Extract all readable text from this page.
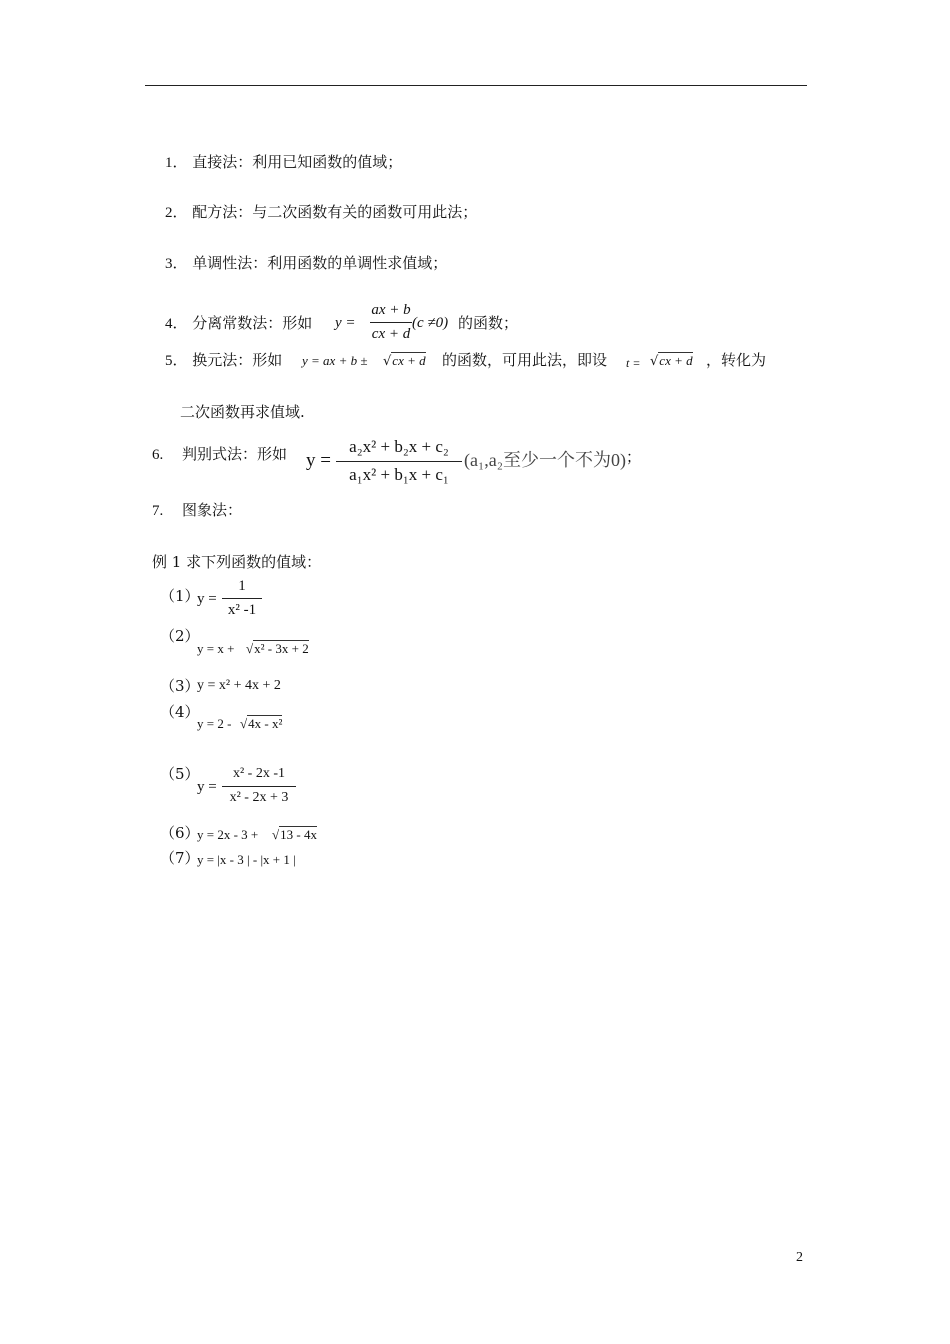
1． 直接法：利用已知函数的值域；
2． 配方法：与二次函数有关的函数可用此法；
3． 单调性法：利用函数的单调性求值域；
4． 分离常数法：形如 y =
ax + b
cx + d
(c ≠0) 的函数；
5． 换元法：形如 y = ax + b ± √cx + d 的函数，可用此法，即设 t = √cx + d ，转化为
二次函数再求值域.
6. 判别式法：形如 y =
a₂x² + b₂x + c₂
a₁x² + b₁x + c₁
(a₁,a₂至少一个不为0) ；
7. 图象法：
例 1 求下列函数的值域：
（1）
y =
1
x² -1
（2）
y = x + √x² - 3x + 2
（3）
y = x² + 4x + 2
（4）
y = 2 - √4x - x²
（5）
y =
x² - 2x -1
x² - 2x + 3
（6）
y = 2x - 3 + √13 - 4x
（7）
y = |x - 3 | - |x + 1 |
2
